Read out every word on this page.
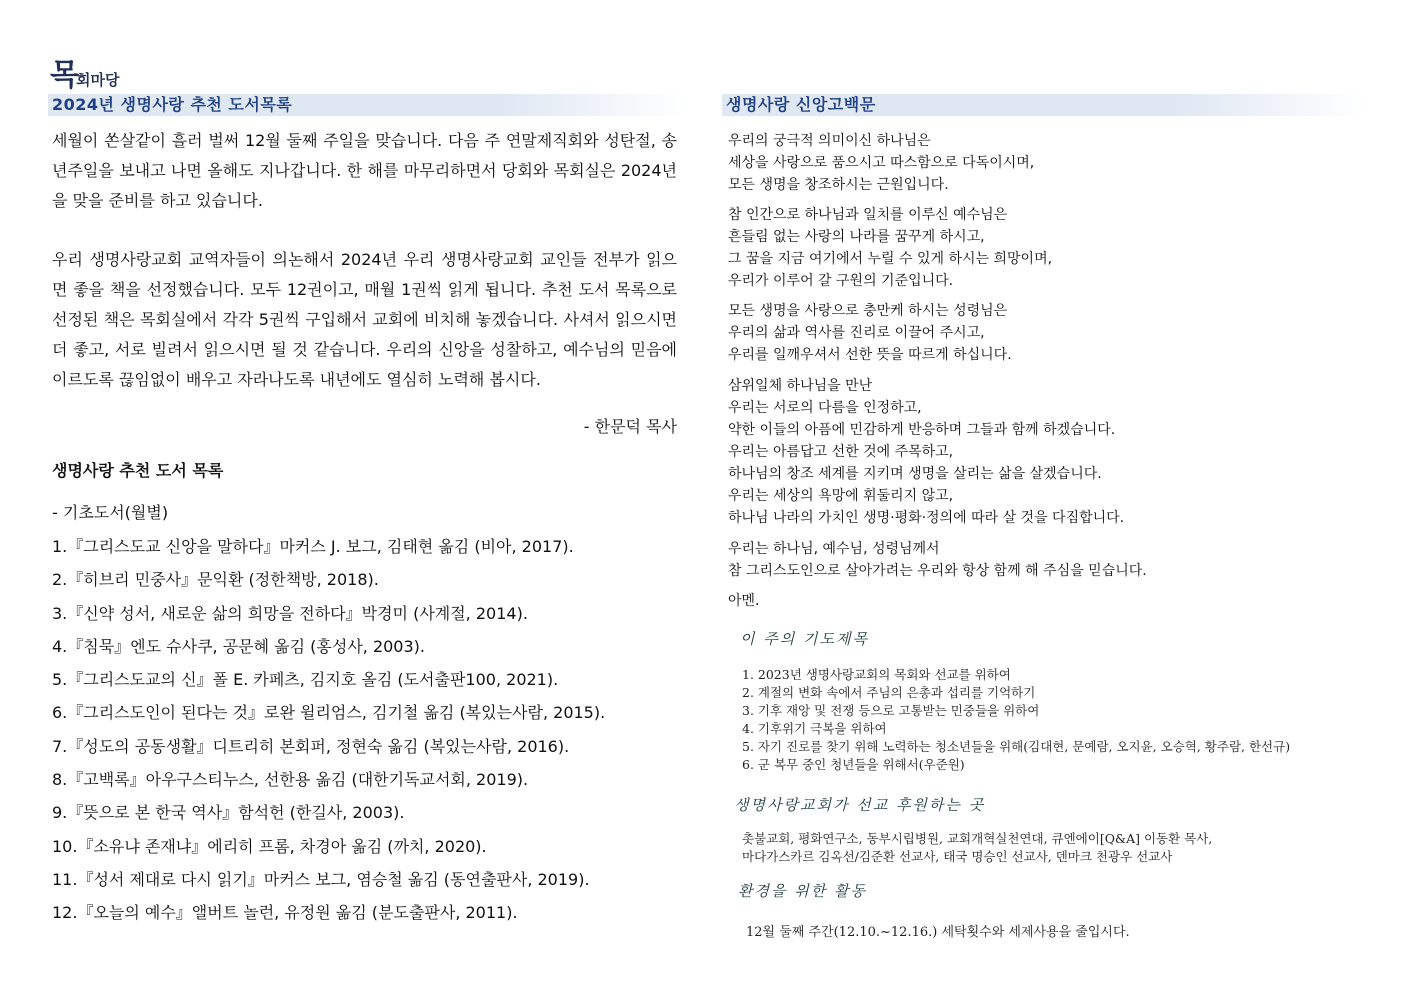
목회마당
2024년 생명사랑 추천 도서목록

세월이 쏜살같이 흘러 벌써 12월 둘째 주일을 맞습니다. 다음 주 연말제직회와 성탄절, 송년주일을 보내고 나면 올해도 지나갑니다. 한 해를 마무리하면서 당회와 목회실은 2024년을 맞을 준비를 하고 있습니다.

우리 생명사랑교회 교역자들이 의논해서 2024년 우리 생명사랑교회 교인들 전부가 읽으면 좋을 책을 선정했습니다. 모두 12권이고, 매월 1권씩 읽게 됩니다. 추천 도서 목록으로 선정된 책은 목회실에서 각각 5권씩 구입해서 교회에 비치해 놓겠습니다. 사셔서 읽으시면 더 좋고, 서로 빌려서 읽으시면 될 것 같습니다. 우리의 신앙을 성찰하고, 예수님의 믿음에 이르도록 끊임없이 배우고 자라나도록 내년에도 열심히 노력해 봅시다.

- 한문덕 목사
생명사랑 추천 도서 목록
- 기초도서(월별)
1.『그리스도교 신앙을 말하다』마커스 J. 보그, 김태현 옮김 (비아, 2017).
2.『히브리 민중사』문익환 (정한책방, 2018).
3.『신약 성서, 새로운 삶의 희망을 전하다』박경미 (사계절, 2014).
4.『침묵』엔도 슈사쿠, 공문혜 옮김 (홍성사, 2003).
5.『그리스도교의 신』폴 E. 카페츠, 김지호 올김 (도서출판100, 2021).
6.『그리스도인이 된다는 것』로완 윌리엄스, 김기철 옮김 (복있는사람, 2015).
7.『성도의 공동생활』디트리히 본회퍼, 정현숙 옮김 (복있는사람, 2016).
8.『고백록』아우구스티누스, 선한용 옮김 (대한기독교서회, 2019).
9.『뜻으로 본 한국 역사』함석헌 (한길사, 2003).
10.『소유냐 존재냐』에리히 프롬, 차경아 옮김 (까치, 2020).
11.『성서 제대로 다시 읽기』마커스 보그, 염승철 옮김 (동연출판사, 2019).
12.『오늘의 예수』앨버트 놀런, 유정원 옮김 (분도출판사, 2011).
생명사랑 신앙고백문
우리의 궁극적 의미이신 하나님은
세상을 사랑으로 품으시고 따스함으로 다독이시며,
모든 생명을 창조하시는 근원입니다.
참 인간으로 하나님과 일치를 이루신 예수님은
흔들림 없는 사랑의 나라를 꿈꾸게 하시고,
그 꿈을 지금 여기에서 누릴 수 있게 하시는 희망이며,
우리가 이루어 갈 구원의 기준입니다.
모든 생명을 사랑으로 충만케 하시는 성령님은
우리의 삶과 역사를 진리로 이끌어 주시고,
우리를 일깨우셔서 선한 뜻을 따르게 하십니다.
삼위일체 하나님을 만난
우리는 서로의 다름을 인정하고,
약한 이들의 아픔에 민감하게 반응하며 그들과 함께 하겠습니다.
우리는 아름답고 선한 것에 주목하고,
하나님의 창조 세계를 지키며 생명을 살리는 삶을 살겠습니다.
우리는 세상의 욕망에 휘둘리지 않고,
하나님 나라의 가치인 생명·평화·정의에 따라 살 것을 다짐합니다.
우리는 하나님, 예수님, 성령님께서
참 그리스도인으로 살아가려는 우리와 항상 함께 해 주심을 믿습니다.
아멘.
이 주의 기도제목
1. 2023년 생명사랑교회의 목회와 선교를 위하여
2. 계절의 변화 속에서 주님의 은총과 섭리를 기억하기
3. 기후 재앙 및 전쟁 등으로 고통받는 민중들을 위하여
4. 기후위기 극복을 위하여
5. 자기 진로를 찾기 위해 노력하는 청소년들을 위해(김대현, 문예람, 오지윤, 오승혁, 황주람, 한선규)
6. 군 복무 중인 청년들을 위해서(우준원)
생명사랑교회가 선교 후원하는 곳
촛불교회, 평화연구소, 동부시립병원, 교회개혁실천연대, 큐엔에이[Q&A] 이동환 목사,
마다가스카르 김옥선/김준환 선교사, 태국 명승인 선교사, 덴마크 천광우 선교사
환경을 위한 활동
12월 둘째 주간(12.10.~12.16.) 세탁횟수와 세제사용을 줄입시다.
